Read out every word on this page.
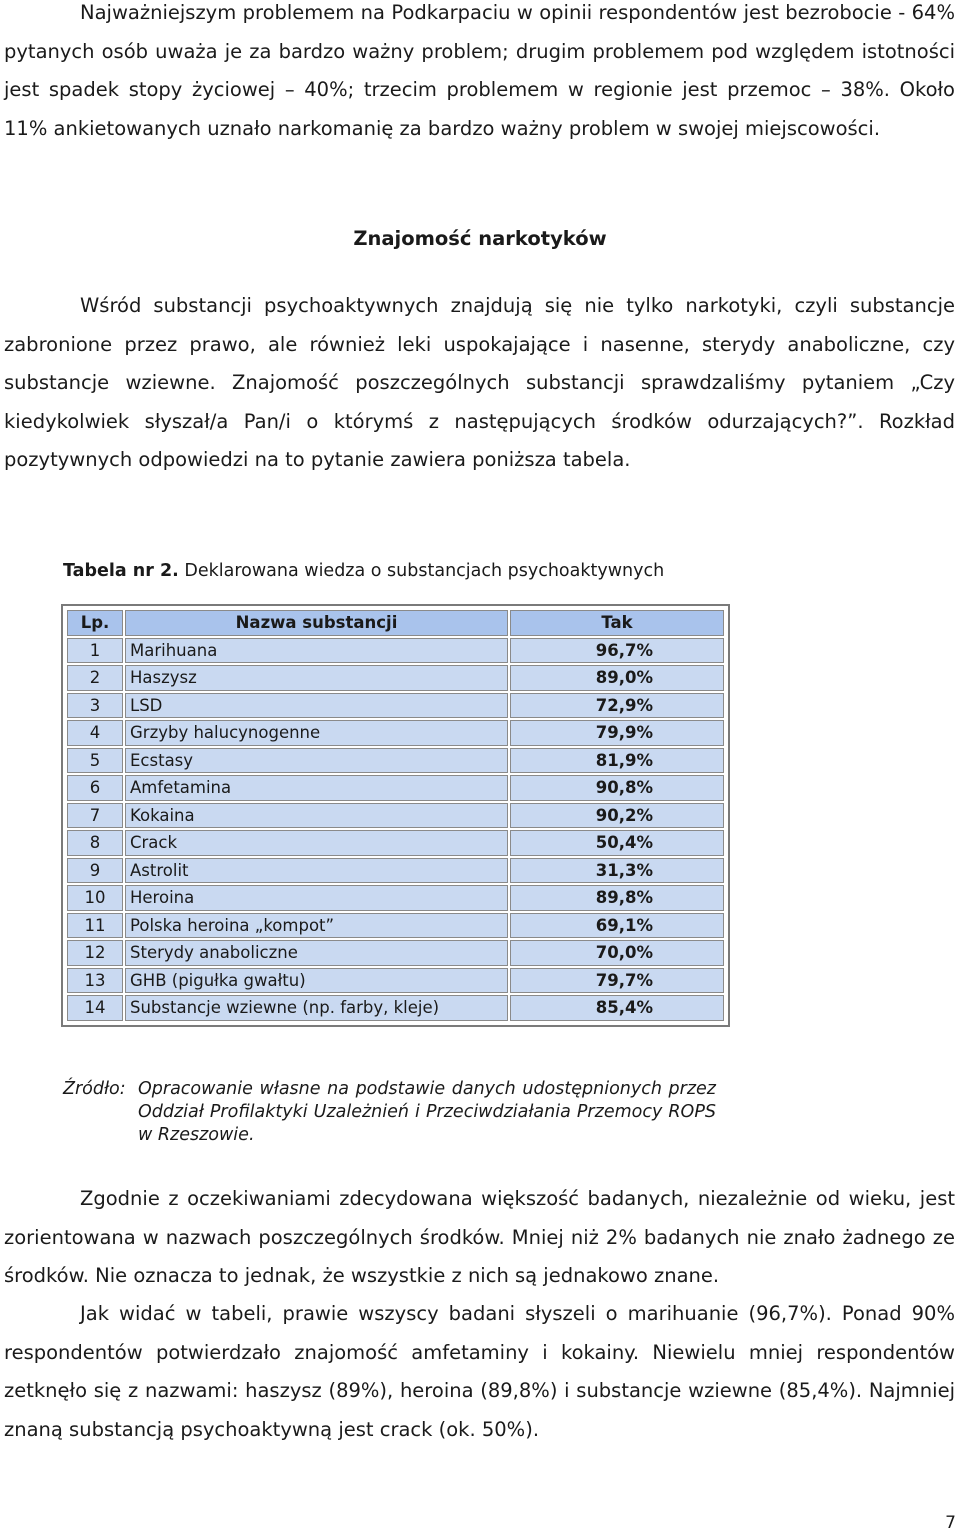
Najważniejszym problemem na Podkarpaciu w opinii respondentów jest bezrobocie - 64% pytanych osób uważa je za bardzo ważny problem; drugim problemem pod względem istotności jest spadek stopy życiowej – 40%; trzecim problemem w regionie jest przemoc – 38%. Około 11% ankietowanych uznało narkomanię za bardzo ważny problem w swojej miejscowości.

Znajomość narkotyków

Wśród substancji psychoaktywnych znajdują się nie tylko narkotyki, czyli substancje zabronione przez prawo, ale również leki uspokajające i nasenne, sterydy anaboliczne, czy substancje wziewne. Znajomość poszczególnych substancji sprawdzaliśmy pytaniem „Czy kiedykolwiek słyszał/a Pan/i o którymś z następujących środków odurzających?”. Rozkład pozytywnych odpowiedzi na to pytanie zawiera poniższa tabela.

Tabela nr 2. Deklarowana wiedza o substancjach psychoaktywnych

Lp.	Nazwa substancji	Tak
1	Marihuana	96,7%
2	Haszysz	89,0%
3	LSD	72,9%
4	Grzyby halucynogenne	79,9%
5	Ecstasy	81,9%
6	Amfetamina	90,8%
7	Kokaina	90,2%
8	Crack	50,4%
9	Astrolit	31,3%
10	Heroina	89,8%
11	Polska heroina „kompot”	69,1%
12	Sterydy anaboliczne	70,0%
13	GHB (pigułka gwałtu)	79,7%
14	Substancje wziewne (np. farby, kleje)	85,4%

Źródło: Opracowanie własne na podstawie danych udostępnionych przez Oddział Profilaktyki Uzależnień i Przeciwdziałania Przemocy ROPS w Rzeszowie.

Zgodnie z oczekiwaniami zdecydowana większość badanych, niezależnie od wieku, jest zorientowana w nazwach poszczególnych środków. Mniej niż 2% badanych nie znało żadnego ze środków. Nie oznacza to jednak, że wszystkie z nich są jednakowo znane.

Jak widać w tabeli, prawie wszyscy badani słyszeli o marihuanie (96,7%). Ponad 90% respondentów potwierdzało znajomość amfetaminy i kokainy. Niewielu mniej respondentów zetknęło się z nazwami: haszysz (89%), heroina (89,8%) i substancje wziewne (85,4%). Najmniej znaną substancją psychoaktywną jest crack (ok. 50%).

7
